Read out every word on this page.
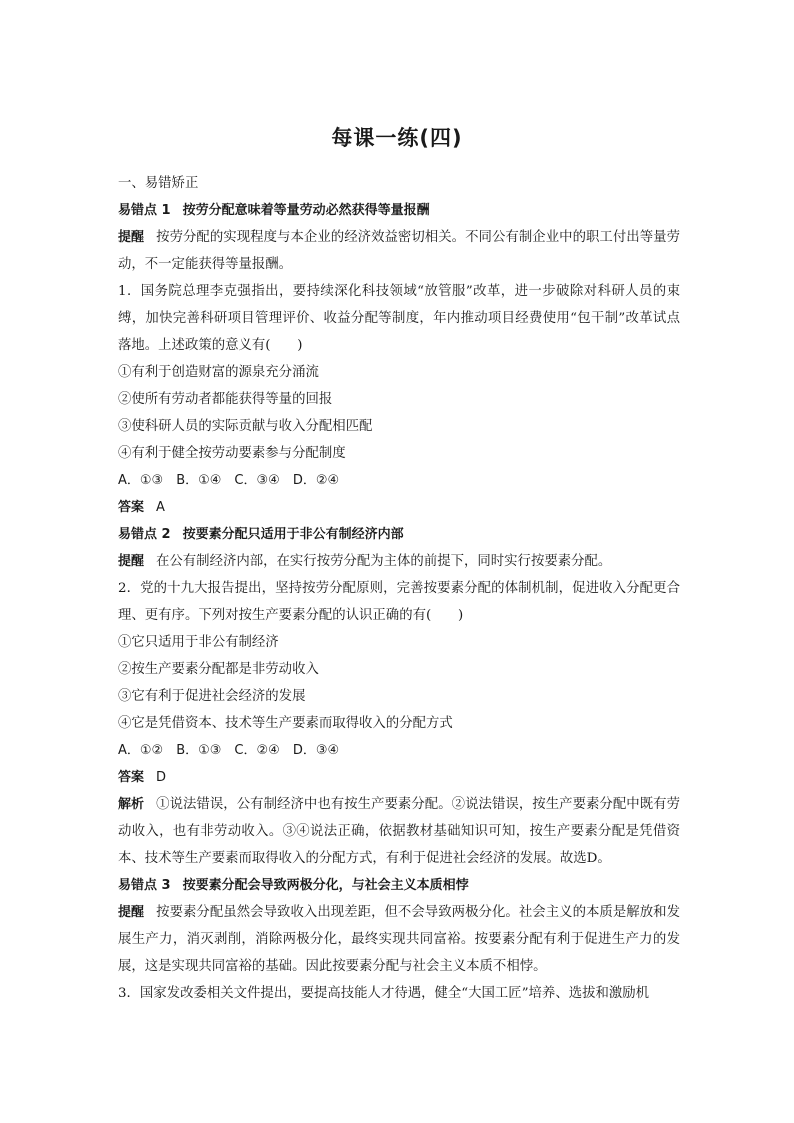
每课一练(四)
一、易错矫正
易错点 1 按劳分配意味着等量劳动必然获得等量报酬
提醒 按劳分配的实现程度与本企业的经济效益密切相关。不同公有制企业中的职工付出等量劳动，不一定能获得等量报酬。
1．国务院总理李克强指出，要持续深化科技领域“放管服”改革，进一步破除对科研人员的束缚，加快完善科研项目管理评价、收益分配等制度，年内推动项目经费使用“包干制”改革试点落地。上述政策的意义有(　　)
①有利于创造财富的源泉充分涌流
②使所有劳动者都能获得等量的回报
③使科研人员的实际贡献与收入分配相匹配
④有利于健全按劳动要素参与分配制度
A．①③　B．①④　C．③④　D．②④
答案 A
易错点 2 按要素分配只适用于非公有制经济内部
提醒 在公有制经济内部，在实行按劳分配为主体的前提下，同时实行按要素分配。
2．党的十九大报告提出，坚持按劳分配原则，完善按要素分配的体制机制，促进收入分配更合理、更有序。下列对按生产要素分配的认识正确的有(　　)
①它只适用于非公有制经济
②按生产要素分配都是非劳动收入
③它有利于促进社会经济的发展
④它是凭借资本、技术等生产要素而取得收入的分配方式
A．①②　B．①③　C．②④　D．③④
答案 D
解析 ①说法错误，公有制经济中也有按生产要素分配。②说法错误，按生产要素分配中既有劳动收入，也有非劳动收入。③④说法正确，依据教材基础知识可知，按生产要素分配是凭借资本、技术等生产要素而取得收入的分配方式，有利于促进社会经济的发展。故选D。
易错点 3 按要素分配会导致两极分化，与社会主义本质相悖
提醒 按要素分配虽然会导致收入出现差距，但不会导致两极分化。社会主义的本质是解放和发展生产力，消灭剥削，消除两极分化，最终实现共同富裕。按要素分配有利于促进生产力的发展，这是实现共同富裕的基础。因此按要素分配与社会主义本质不相悖。
3．国家发改委相关文件提出，要提高技能人才待遇，健全“大国工匠”培养、选拔和激励机
